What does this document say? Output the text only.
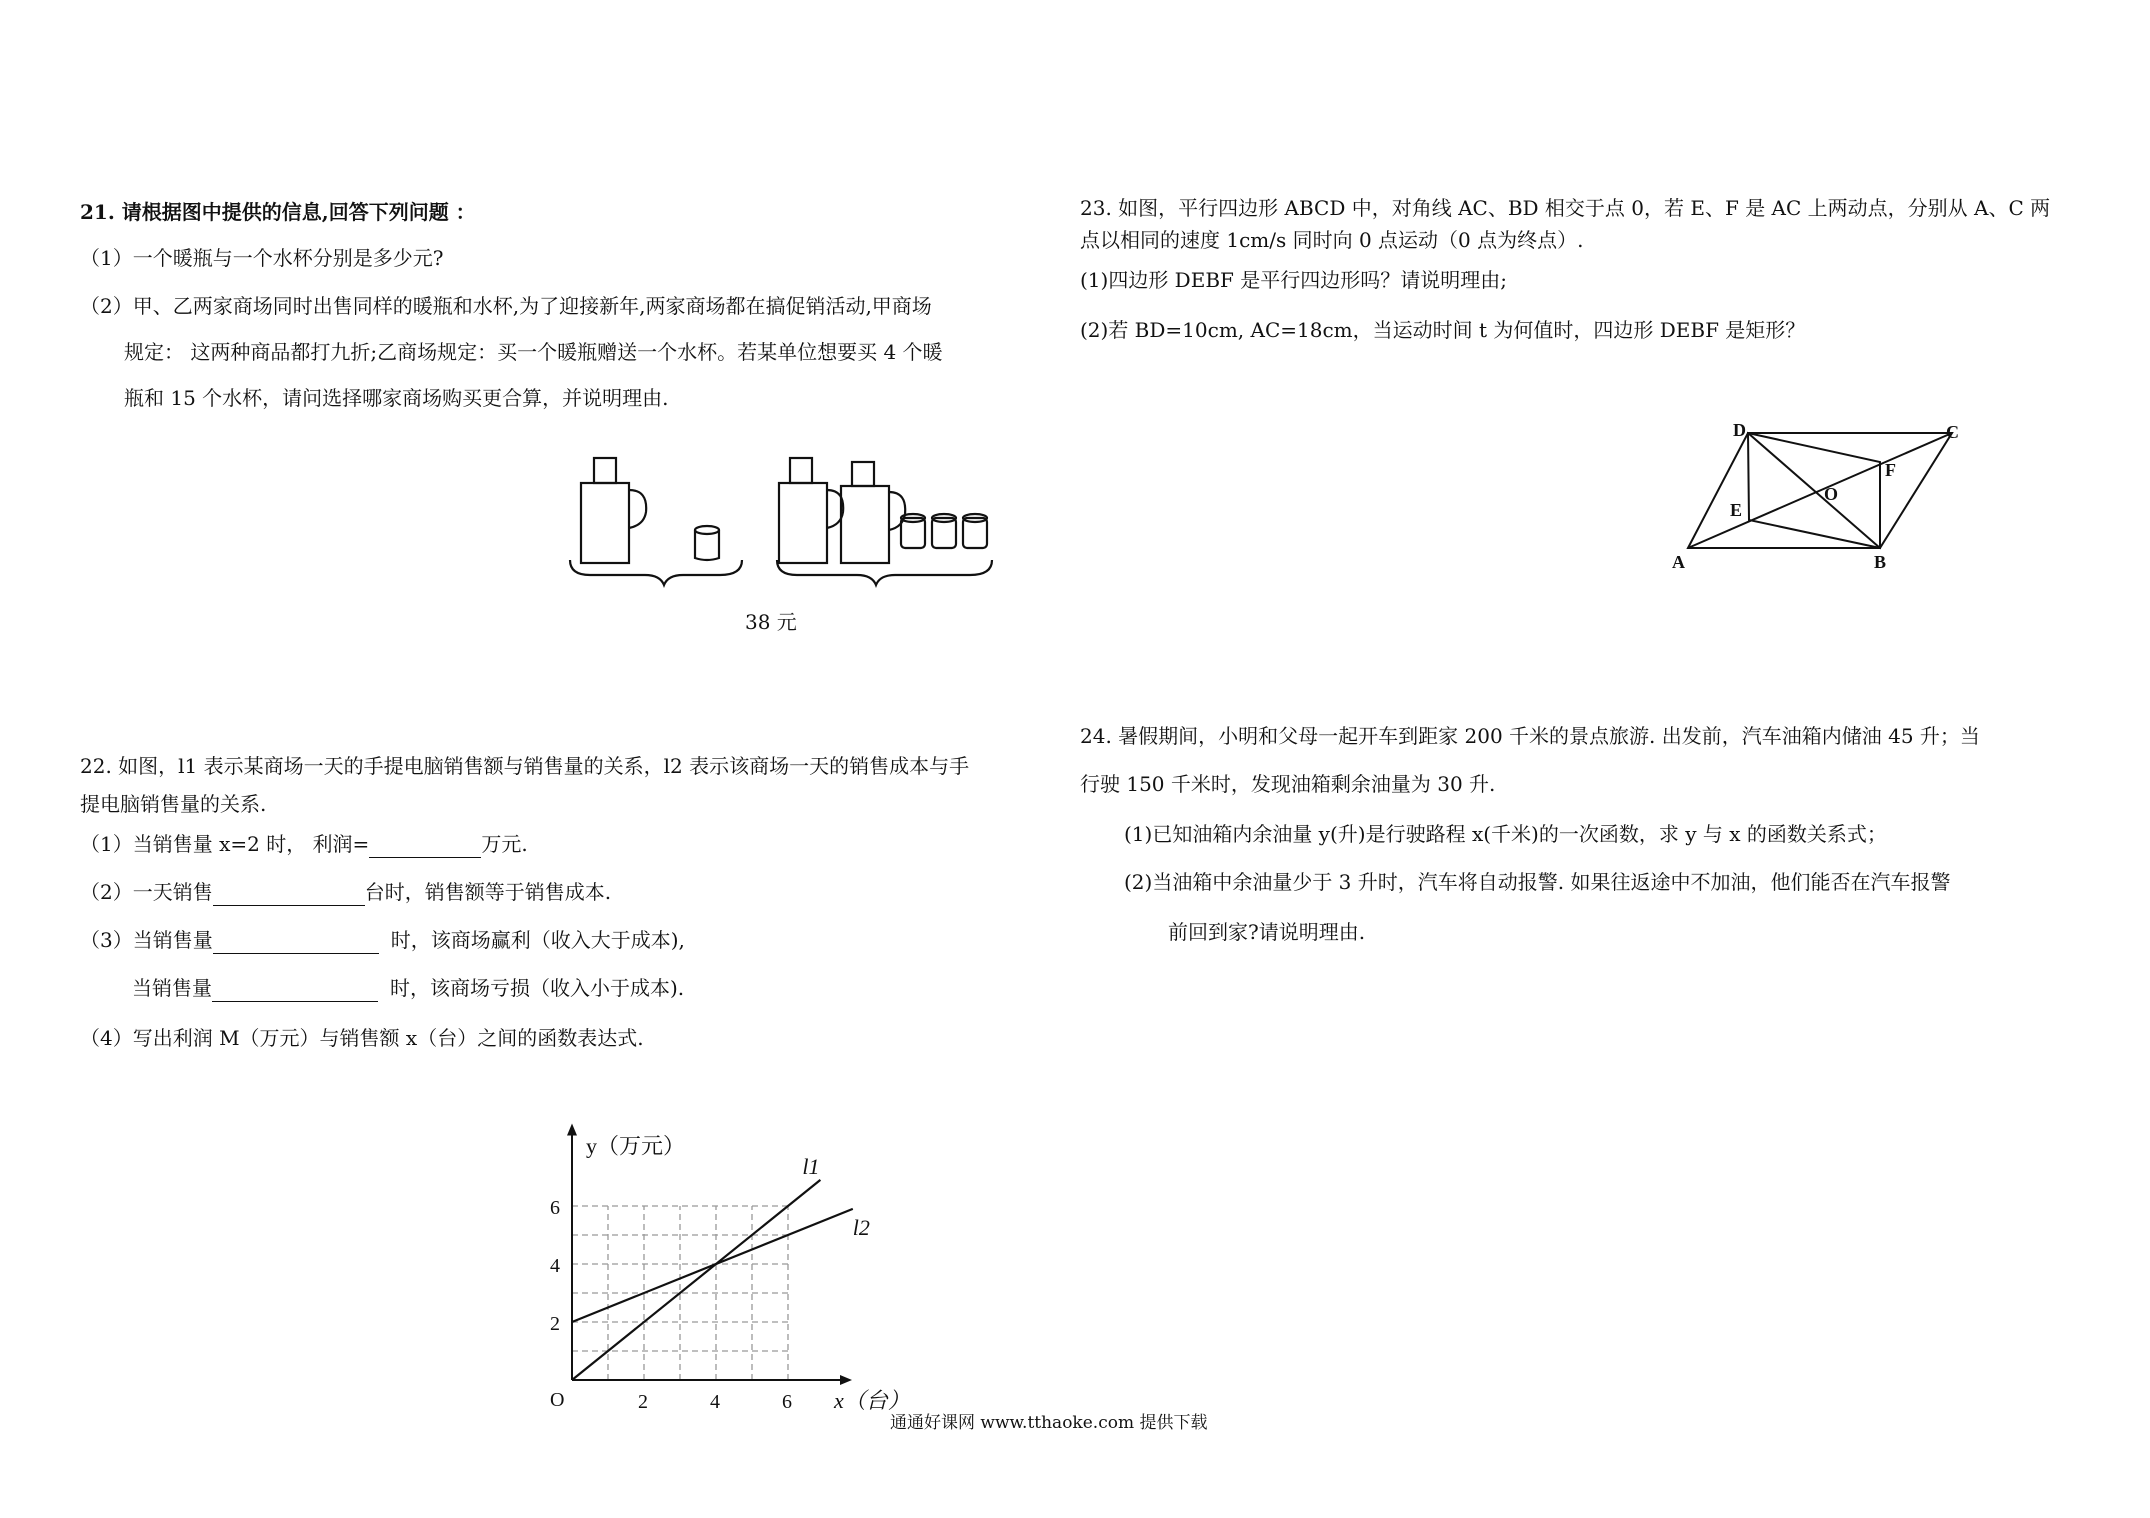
21. 请根据图中提供的信息,回答下列问题 ：
（1）一个暖瓶与一个水杯分别是多少元?
（2）甲、乙两家商场同时出售同样的暖瓶和水杯,为了迎接新年,两家商场都在搞促销活动,甲商场
规定： 这两种商品都打九折;乙商场规定：买一个暖瓶赠送一个水杯。若某单位想要买 4 个暖
瓶和 15 个水杯，请问选择哪家商场购买更合算，并说明理由.
38 元
22. 如图，l1 表示某商场一天的手提电脑销售额与销售量的关系，l2 表示该商场一天的销售成本与手
提电脑销售量的关系.
（1）当销售量 x=2 时， 利润=	万元.
（2）一天销售	台时，销售额等于销售成本.
（3）当销售量	时，该商场赢利（收入大于成本),
当销售量	时，该商场亏损（收入小于成本).
（4）写出利润 M（万元）与销售额 x（台）之间的函数表达式.
2	4	6
2
4
6
O
y（万元）
x（台）
l1
l2
23. 如图，平行四边形 ABCD 中，对角线 AC、BD 相交于点 0，若 E、F 是 AC 上两动点，分别从 A、C 两
点以相同的速度 1cm/s 同时向 0 点运动（0 点为终点）.
(1)四边形 DEBF 是平行四边形吗？请说明理由;
(2)若 BD=10cm, AC=18cm，当运动时间 t 为何值时，四边形 DEBF 是矩形？
A	B
C
D
E
F
O
24. 暑假期间，小明和父母一起开车到距家 200 千米的景点旅游. 出发前，汽车油箱内储油 45 升；当
行驶 150 千米时，发现油箱剩余油量为 30 升.
(1)已知油箱内余油量 y(升)是行驶路程 x(千米)的一次函数，求 y 与 x 的函数关系式；
(2)当油箱中余油量少于 3 升时，汽车将自动报警. 如果往返途中不加油，他们能否在汽车报警
前回到家?请说明理由.
通通好课网 www.tthaoke.com 提供下载
